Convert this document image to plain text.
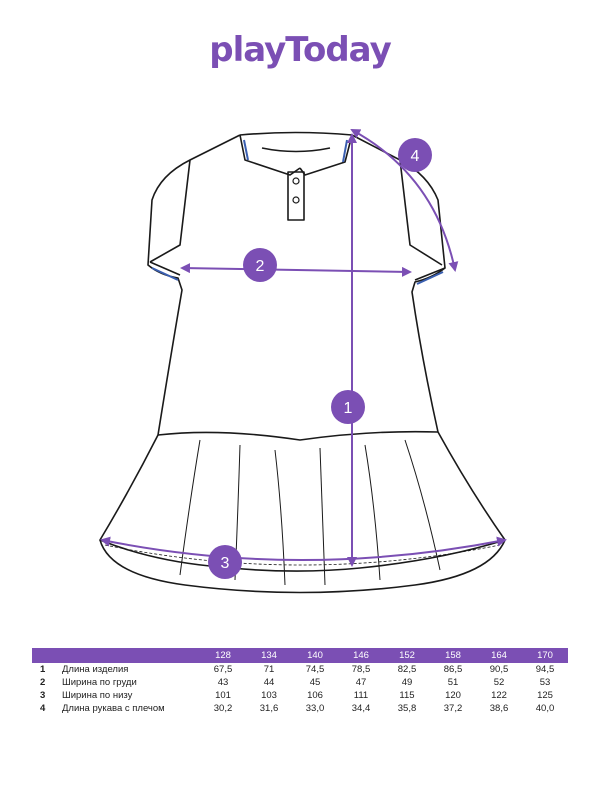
playToday
1
2
3
4
		128	134	140	146	152	158	164	170
1	Длина изделия	67,5	71	74,5	78,5	82,5	86,5	90,5	94,5
2	Ширина по груди	43	44	45	47	49	51	52	53
3	Ширина по низу	101	103	106	111	115	120	122	125
4	Длина рукава с плечом	30,2	31,6	33,0	34,4	35,8	37,2	38,6	40,0
